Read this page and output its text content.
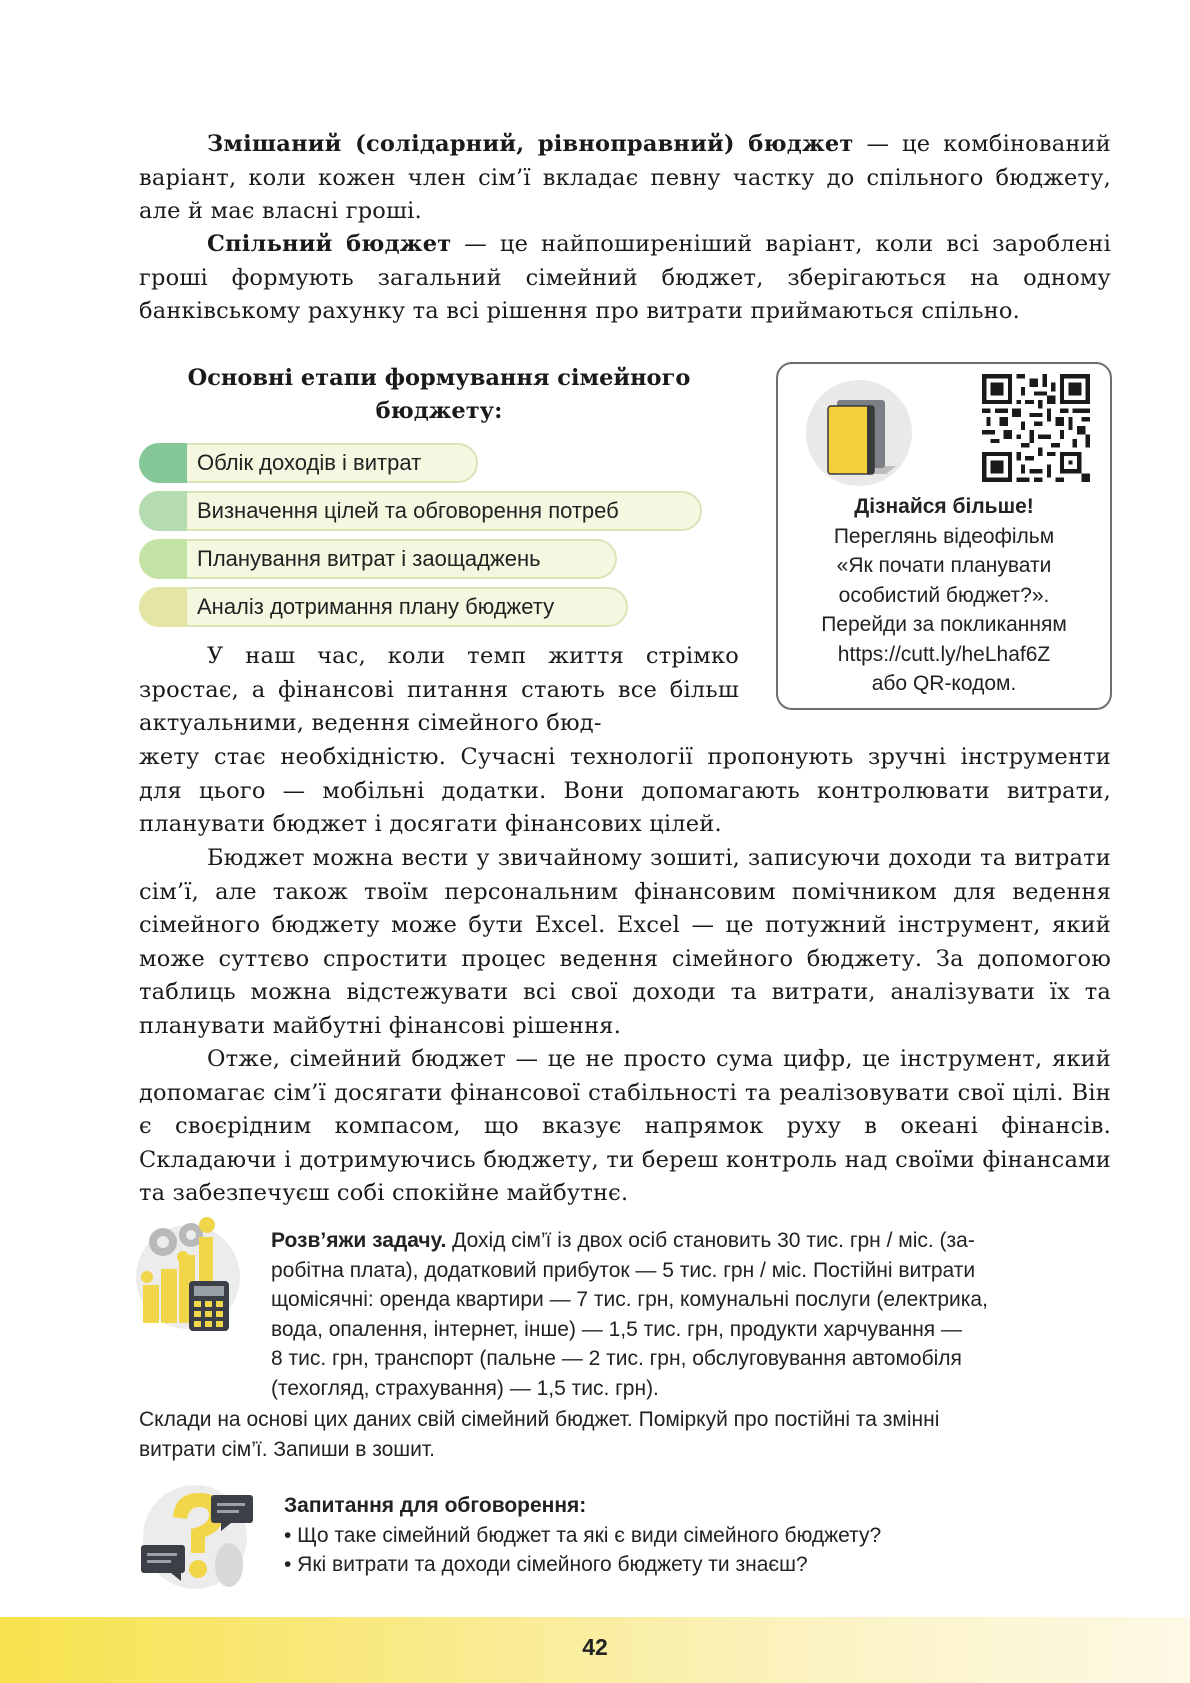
Змішаний (солідарний, рівноправний) бюджет — це комбінований варіант, коли кожен член сім’ї вкладає певну частку до спільного бюджету, але й має власні гроші.
Спільний бюджет — це найпоширеніший варіант, коли всі зароблені гроші формують загальний сімейний бюджет, зберігаються на одному банківському рахунку та всі рішення про витрати приймаються спільно.
Основні етапи формування сімейного бюджету:
Облік доходів і витрат
Визначення цілей та обговорення потреб
Планування витрат і заощаджень
Аналіз дотримання плану бюджету
Дізнайся більше!
Переглянь відеофільм
«Як почати планувати
особистий бюджет?».
Перейди за покликанням
https://cutt.ly/heLhaf6Z
або QR-кодом.
У наш час, коли темп життя стрімко зростає, а фінансові питання стають все більш актуальними, ведення сімейного бюд-
жету стає необхідністю. Сучасні технології пропонують зручні інструменти для цього — мобільні додатки. Вони допомагають контролювати витрати, планувати бюджет і досягати фінансових цілей.
Бюджет можна вести у звичайному зошиті, записуючи доходи та витрати сім’ї, але також твоїм персональним фінансовим помічником для ведення сімейного бюджету може бути Excel. Excel — це потужний інструмент, який може суттєво спростити процес ведення сімейного бюджету. За допомогою таблиць можна відстежувати всі свої доходи та витрати, аналізувати їх та планувати майбутні фінансові рішення.
Отже, сімейний бюджет — це не просто сума цифр, це інструмент, який допомагає сім’ї досягати фінансової стабільності та реалізовувати свої цілі. Він є своєрідним компасом, що вказує напрямок руху в океані фінансів. Складаючи і дотримуючись бюджету, ти береш контроль над своїми фінансами та забезпечуєш собі спокійне майбутнє.
Розв’яжи задачу. Дохід сім’ї із двох осіб становить 30 тис. грн / міс. (за-
робітна плата), додатковий прибуток — 5 тис. грн / міс. Постійні витрати
щомісячні: оренда квартири — 7 тис. грн, комунальні послуги (електрика,
вода, опалення, інтернет, інше) — 1,5 тис. грн, продукти харчування —
8 тис. грн, транспорт (пальне — 2 тис. грн, обслуговування автомобіля
(техогляд, страхування) — 1,5 тис. грн).
Склади на основі цих даних свій сімейний бюджет. Поміркуй про постійні та змінні
витрати сім’ї. Запиши в зошит.
Запитання для обговорення:
• Що таке сімейний бюджет та які є види сімейного бюджету?
• Які витрати та доходи сімейного бюджету ти знаєш?
42
